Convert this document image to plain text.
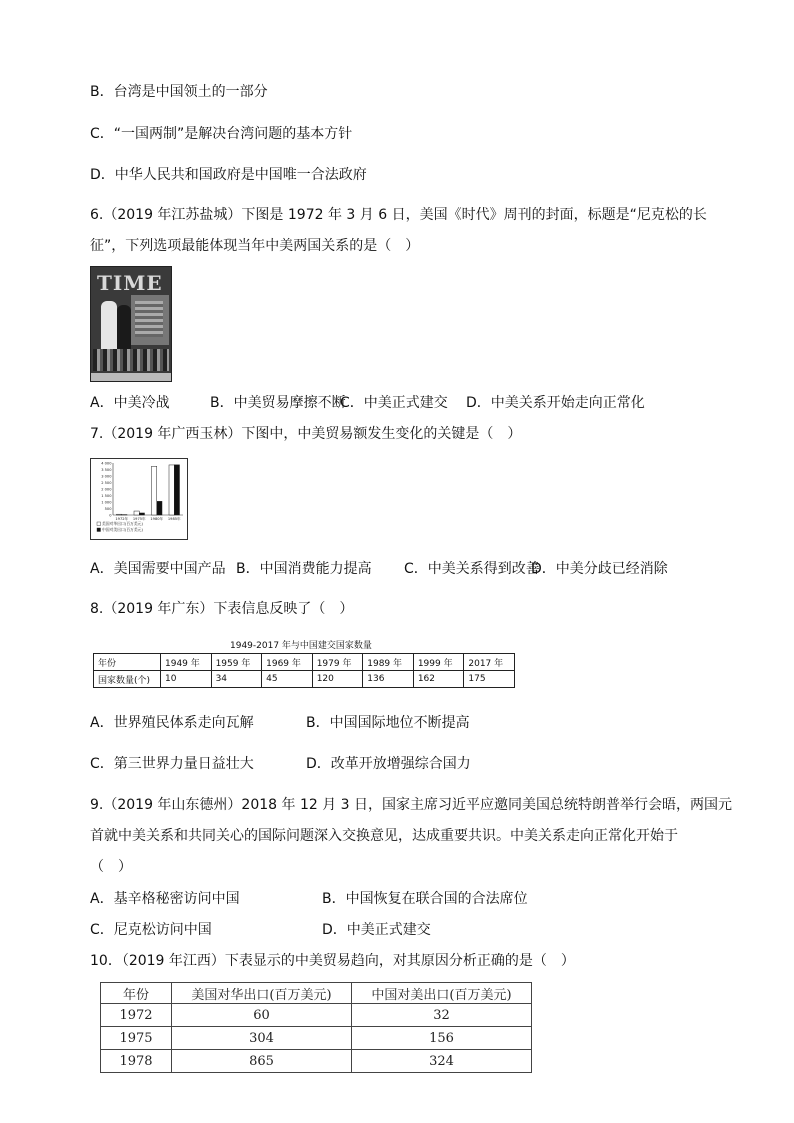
B．台湾是中国领土的一部分
C．“一国两制”是解决台湾问题的基本方针
D．中华人民共和国政府是中国唯一合法政府
6.（2019 年江苏盐城）下图是 1972 年 3 月 6 日，美国《时代》周刊的封面，标题是“尼克松的长
征”，下列选项最能体现当年中美两国关系的是（　）
TIME
A．中美冷战	B．中美贸易摩擦不断C．中美正式建交 D．中美关系开始走向正常化
7.（2019 年广西玉林）下图中，中美贸易额发生变化的关键是（　）
4 000
3 500
3 000
2 500
2 000
1 500
1 000
500
0
1972年 1975年 1980年 1985年
美国对华出口(百万美元)
中国对美出口(百万美元)
A．美国需要中国产品 B．中国消费能力提高 C．中美关系得到改善D．中美分歧已经消除
8.（2019 年广东）下表信息反映了（　）
1949-2017 年与中国建交国家数量
年份	1949 年	1959 年	1969 年	1979 年	1989 年	1999 年	2017 年
国家数量(个)	10	34	45	120	136	162	175
A．世界殖民体系走向瓦解	B．中国国际地位不断提高
C．第三世界力量日益壮大	D．改革开放增强综合国力
9.（2019 年山东德州）2018 年 12 月 3 日，国家主席习近平应邀同美国总统特朗普举行会晤，两国元
首就中美关系和共同关心的国际问题深入交换意见，达成重要共识。中美关系走向正常化开始于
（　）
A．基辛格秘密访问中国	B．中国恢复在联合国的合法席位
C．尼克松访问中国	D．中美正式建交
10．（2019 年江西）下表显示的中美贸易趋向，对其原因分析正确的是（　）
年份	美国对华出口(百万美元)	中国对美出口(百万美元)
1972	60	32
1975	304	156
1978	865	324
